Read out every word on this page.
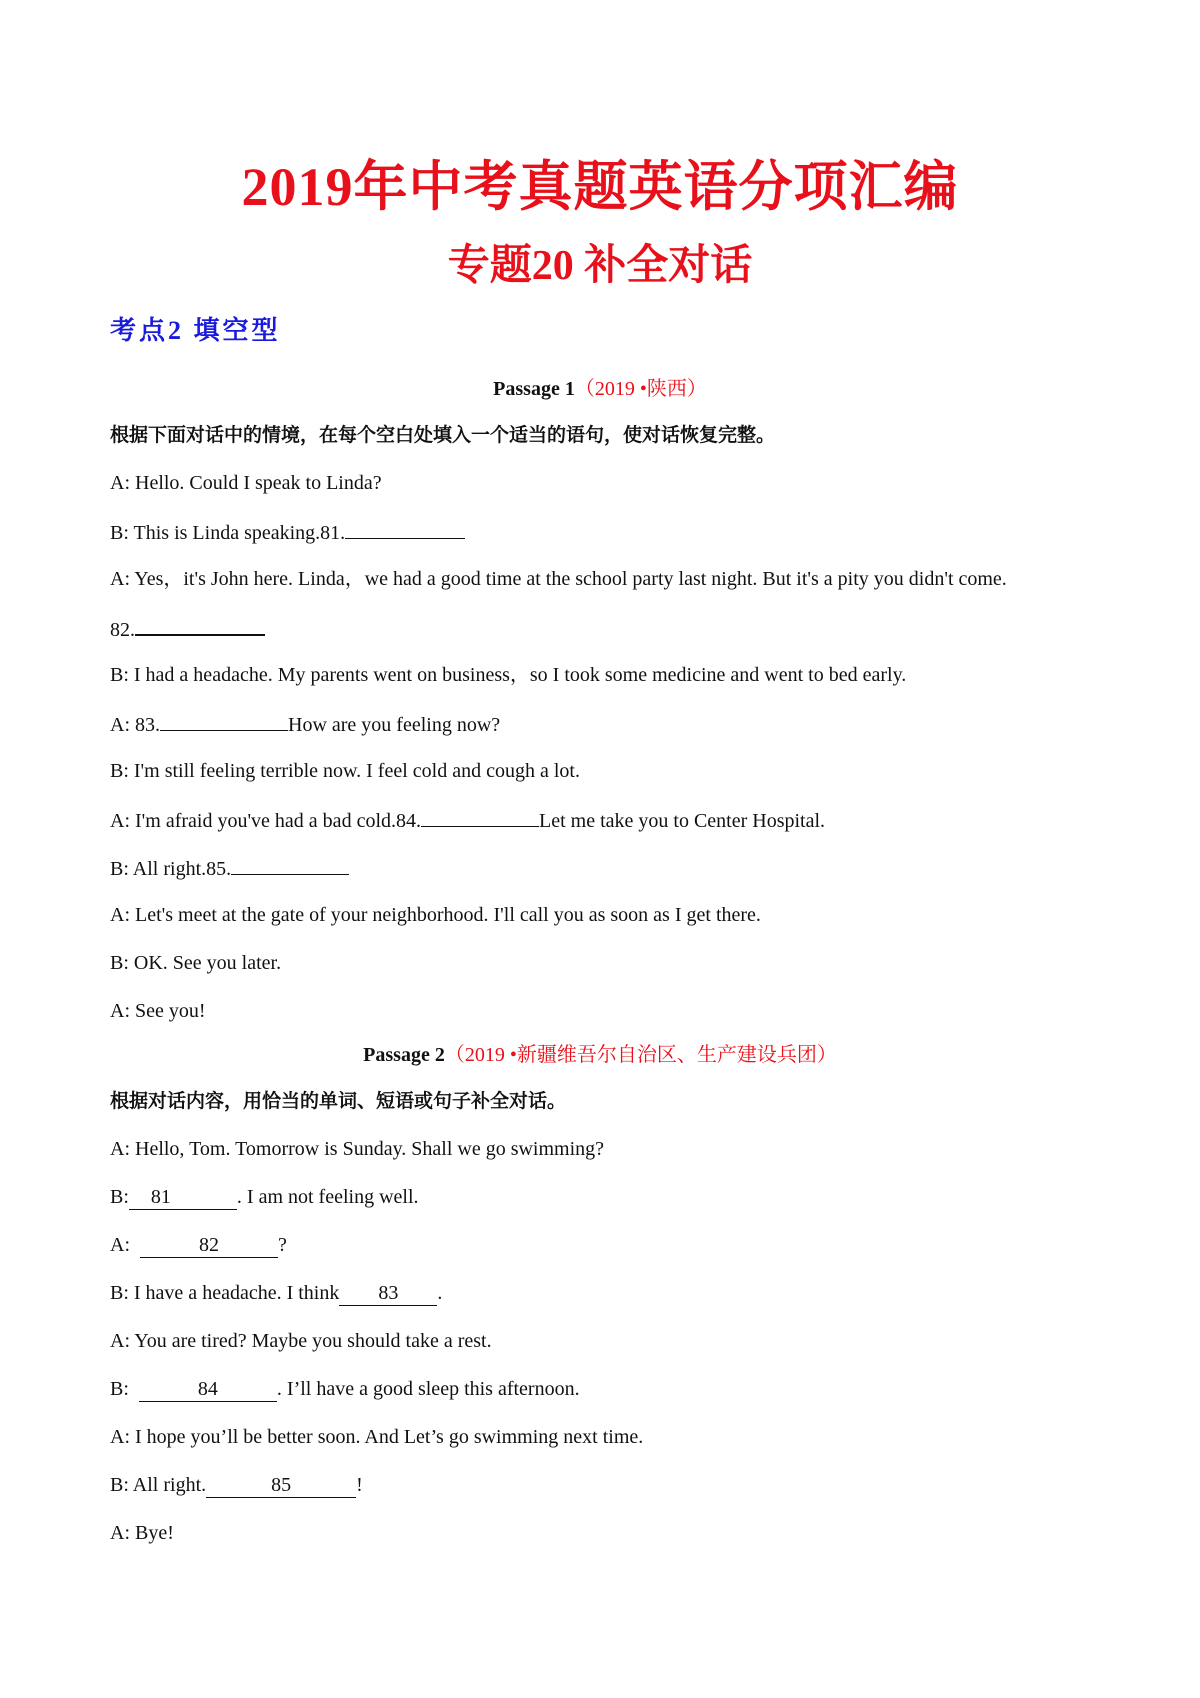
2019年中考真题英语分项汇编
专题20 补全对话
考点2 填空型
Passage 1（2019 •陕西）
根据下面对话中的情境，在每个空白处填入一个适当的语句，使对话恢复完整。
A: Hello. Could I speak to Linda?
B: This is Linda speaking.81.
A: Yes，it's John here. Linda，we had a good time at the school party last night. But it's a pity you didn't come.
82.
B: I had a headache. My parents went on business，so I took some medicine and went to bed early.
A: 83.	How are you feeling now?
B: I'm still feeling terrible now. I feel cold and cough a lot.
A: I'm afraid you've had a bad cold.84.	Let me take you to Center Hospital.
B: All right.85.
A: Let's meet at the gate of your neighborhood. I'll call you as soon as I get there.
B: OK. See you later.
A: See you!
Passage 2（2019 •新疆维吾尔自治区、生产建设兵团）
根据对话内容，用恰当的单词、短语或句子补全对话。
A: Hello, Tom. Tomorrow is Sunday. Shall we go swimming?
B: 81	. I am not feeling well.
A:	82	?
B: I have a headache. I think 83 .
A: You are tired? Maybe you should take a rest.
B:	84	. I’ll have a good sleep this afternoon.
A: I hope you’ll be better soon. And Let’s go swimming next time.
B: All right.	85	!
A: Bye!
